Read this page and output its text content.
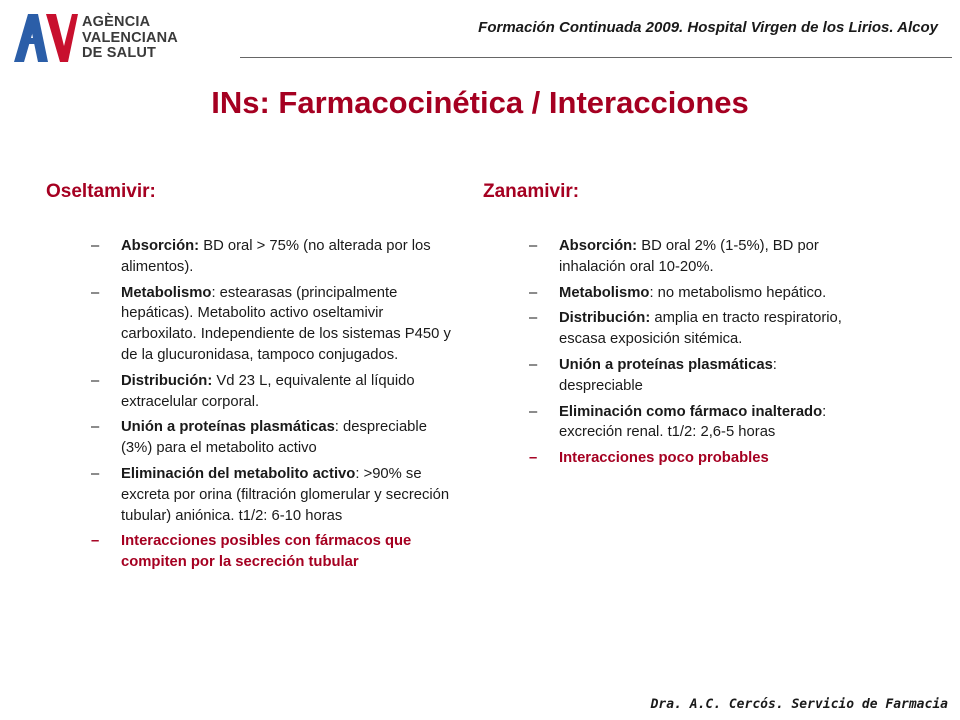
AGÈNCIA
VALENCIANA
DE SALUT
Formación Continuada 2009. Hospital Virgen de los Lirios. Alcoy
INs: Farmacocinética / Interacciones
Oseltamivir:	Zanamivir:
– Absorción: BD oral > 75% (no alterada por los alimentos).
– Metabolismo: estearasas (principalmente hepáticas). Metabolito activo oseltamivir carboxilato. Independiente de los sistemas P450 y de la glucuronidasa, tampoco conjugados.
– Distribución: Vd 23 L, equivalente al líquido extracelular corporal.
– Unión a proteínas plasmáticas: despreciable (3%) para el metabolito activo
– Eliminación del metabolito activo: >90% se excreta por orina (filtración glomerular y secreción tubular) aniónica. t1/2: 6-10 horas
– Interacciones posibles con fármacos que compiten por la secreción tubular
– Absorción: BD oral 2% (1-5%), BD por inhalación oral 10-20%.
– Metabolismo: no metabolismo hepático.
– Distribución: amplia en tracto respiratorio, escasa exposición sitémica.
– Unión a proteínas plasmáticas: despreciable
– Eliminación como fármaco inalterado: excreción renal. t1/2: 2,6-5 horas
– Interacciones poco probables
Dra. A.C. Cercós. Servicio de Farmacia
